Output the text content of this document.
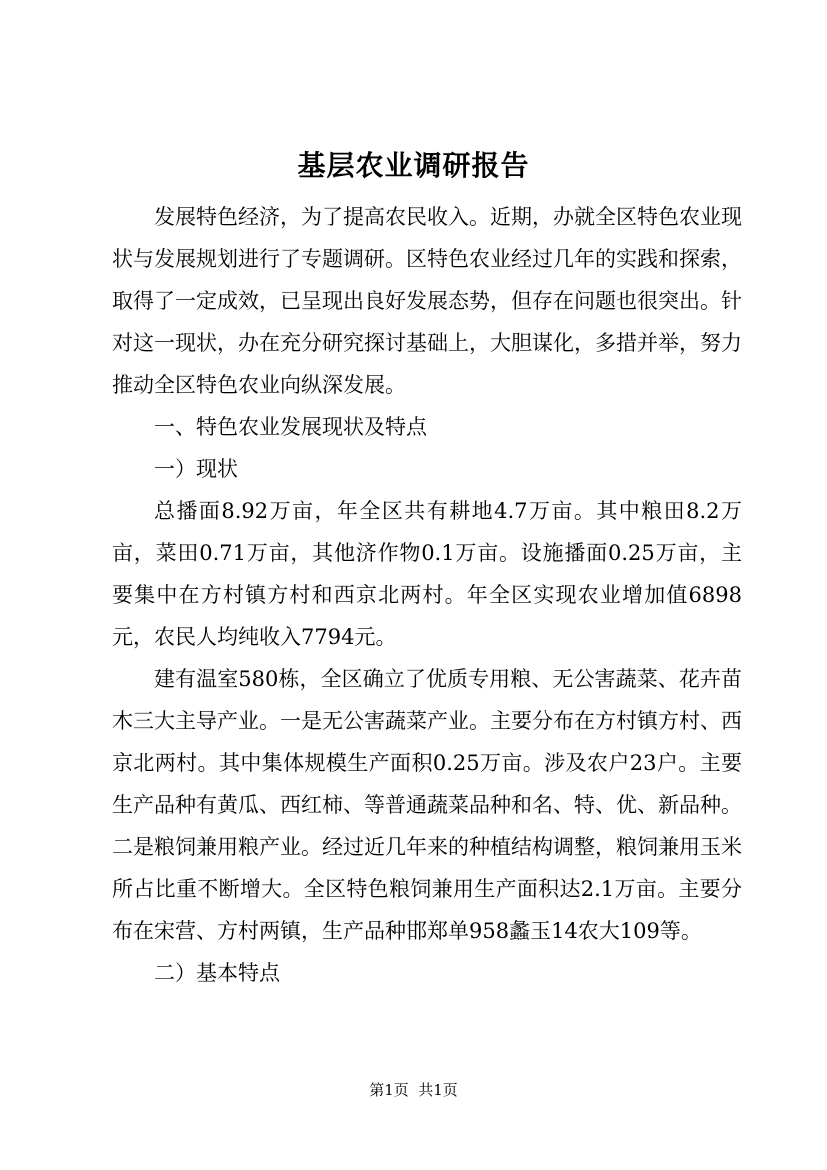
基层农业调研报告

发展特色经济，为了提高农民收入。近期，办就全区特色农业现状与发展规划进行了专题调研。区特色农业经过几年的实践和探索，取得了一定成效，已呈现出良好发展态势，但存在问题也很突出。针对这一现状，办在充分研究探讨基础上，大胆谋化，多措并举，努力推动全区特色农业向纵深发展。

一、特色农业发展现状及特点

一）现状

总播面8.92万亩，年全区共有耕地4.7万亩。其中粮田8.2万亩，菜田0.71万亩，其他济作物0.1万亩。设施播面0.25万亩，主要集中在方村镇方村和西京北两村。年全区实现农业增加值6898元，农民人均纯收入7794元。

建有温室580栋，全区确立了优质专用粮、无公害蔬菜、花卉苗木三大主导产业。一是无公害蔬菜产业。主要分布在方村镇方村、西京北两村。其中集体规模生产面积0.25万亩。涉及农户23户。主要生产品种有黄瓜、西红柿、等普通蔬菜品种和名、特、优、新品种。二是粮饲兼用粮产业。经过近几年来的种植结构调整，粮饲兼用玉米所占比重不断增大。全区特色粮饲兼用生产面积达2.1万亩。主要分布在宋营、方村两镇，生产品种邯郑单958蠡玉14农大109等。

二）基本特点

第1页  共1页
